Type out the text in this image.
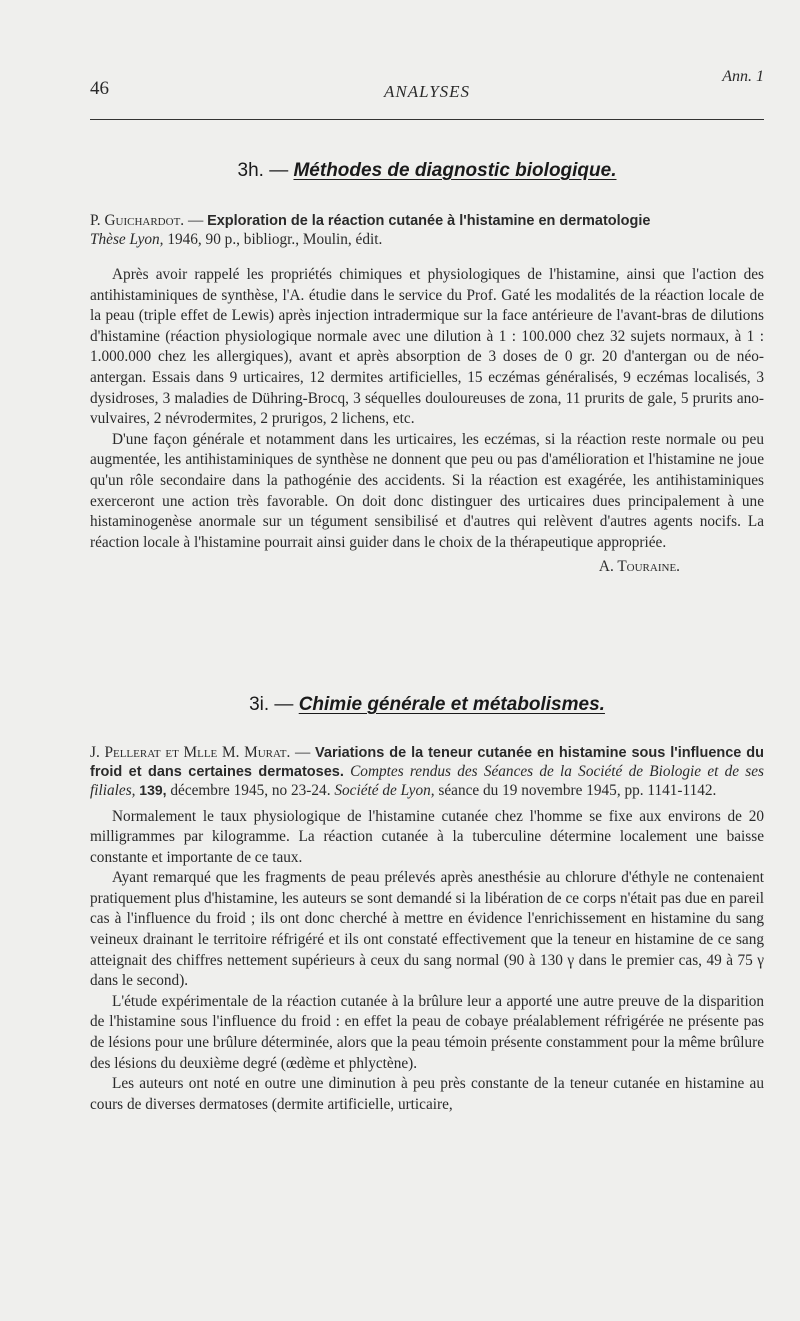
46	ANALYSES
Ann. 1
3h. — Méthodes de diagnostic biologique.
P. Guichardot. — Exploration de la réaction cutanée à l'histamine en dermatologie
Thèse Lyon, 1946, 90 p., bibliogr., Moulin, édit.

Après avoir rappelé les propriétés chimiques et physiologiques de l'histamine, ainsi que l'action des antihistaminiques de synthèse, l'A. étudie dans le service du Prof. Gaté les modalités de la réaction locale de la peau (triple effet de Lewis) après injection intradermique sur la face antérieure de l'avant-bras de dilutions d'histamine (réaction physiologique normale avec une dilution à 1 : 100.000 chez 32 sujets normaux, à 1 : 1.000.000 chez les allergiques), avant et après absorption de 3 doses de 0 gr. 20 d'antergan ou de néo-antergan. Essais dans 9 urticaires, 12 dermites artificielles, 15 eczémas généralisés, 9 eczémas localisés, 3 dysidroses, 3 maladies de Dühring-Brocq, 3 séquelles douloureuses de zona, 11 prurits de gale, 5 prurits ano-vulvaires, 2 névrodermites, 2 prurigos, 2 lichens, etc.

D'une façon générale et notamment dans les urticaires, les eczémas, si la réaction reste normale ou peu augmentée, les antihistaminiques de synthèse ne donnent que peu ou pas d'amélioration et l'histamine ne joue qu'un rôle secondaire dans la pathogénie des accidents. Si la réaction est exagérée, les antihistaminiques exerceront une action très favorable. On doit donc distinguer des urticaires dues principalement à une histaminogenèse anormale sur un tégument sensibilisé et d'autres qui relèvent d'autres agents nocifs. La réaction locale à l'histamine pourrait ainsi guider dans le choix de la thérapeutique appropriée.

A. Touraine.

3i. — Chimie générale et métabolismes.
J. Pellerat et Mlle M. Murat. — Variations de la teneur cutanée en histamine sous l'influence du froid et dans certaines dermatoses. Comptes rendus des Séances de la Société de Biologie et de ses filiales, 139, décembre 1945, no 23-24. Société de Lyon, séance du 19 novembre 1945, pp. 1141-1142.

Normalement le taux physiologique de l'histamine cutanée chez l'homme se fixe aux environs de 20 milligrammes par kilogramme. La réaction cutanée à la tuberculine détermine localement une baisse constante et importante de ce taux.

Ayant remarqué que les fragments de peau prélevés après anesthésie au chlorure d'éthyle ne contenaient pratiquement plus d'histamine, les auteurs se sont demandé si la libération de ce corps n'était pas due en pareil cas à l'influence du froid ; ils ont donc cherché à mettre en évidence l'enrichissement en histamine du sang veineux drainant le territoire réfrigéré et ils ont constaté effectivement que la teneur en histamine de ce sang atteignait des chiffres nettement supérieurs à ceux du sang normal (90 à 130 γ dans le premier cas, 49 à 75 γ dans le second).

L'étude expérimentale de la réaction cutanée à la brûlure leur a apporté une autre preuve de la disparition de l'histamine sous l'influence du froid : en effet la peau de cobaye préalablement réfrigérée ne présente pas de lésions pour une brûlure déterminée, alors que la peau témoin présente constamment pour la même brûlure des lésions du deuxième degré (œdème et phlyctène).

Les auteurs ont noté en outre une diminution à peu près constante de la teneur cutanée en histamine au cours de diverses dermatoses (dermite artificielle, urticaire,
